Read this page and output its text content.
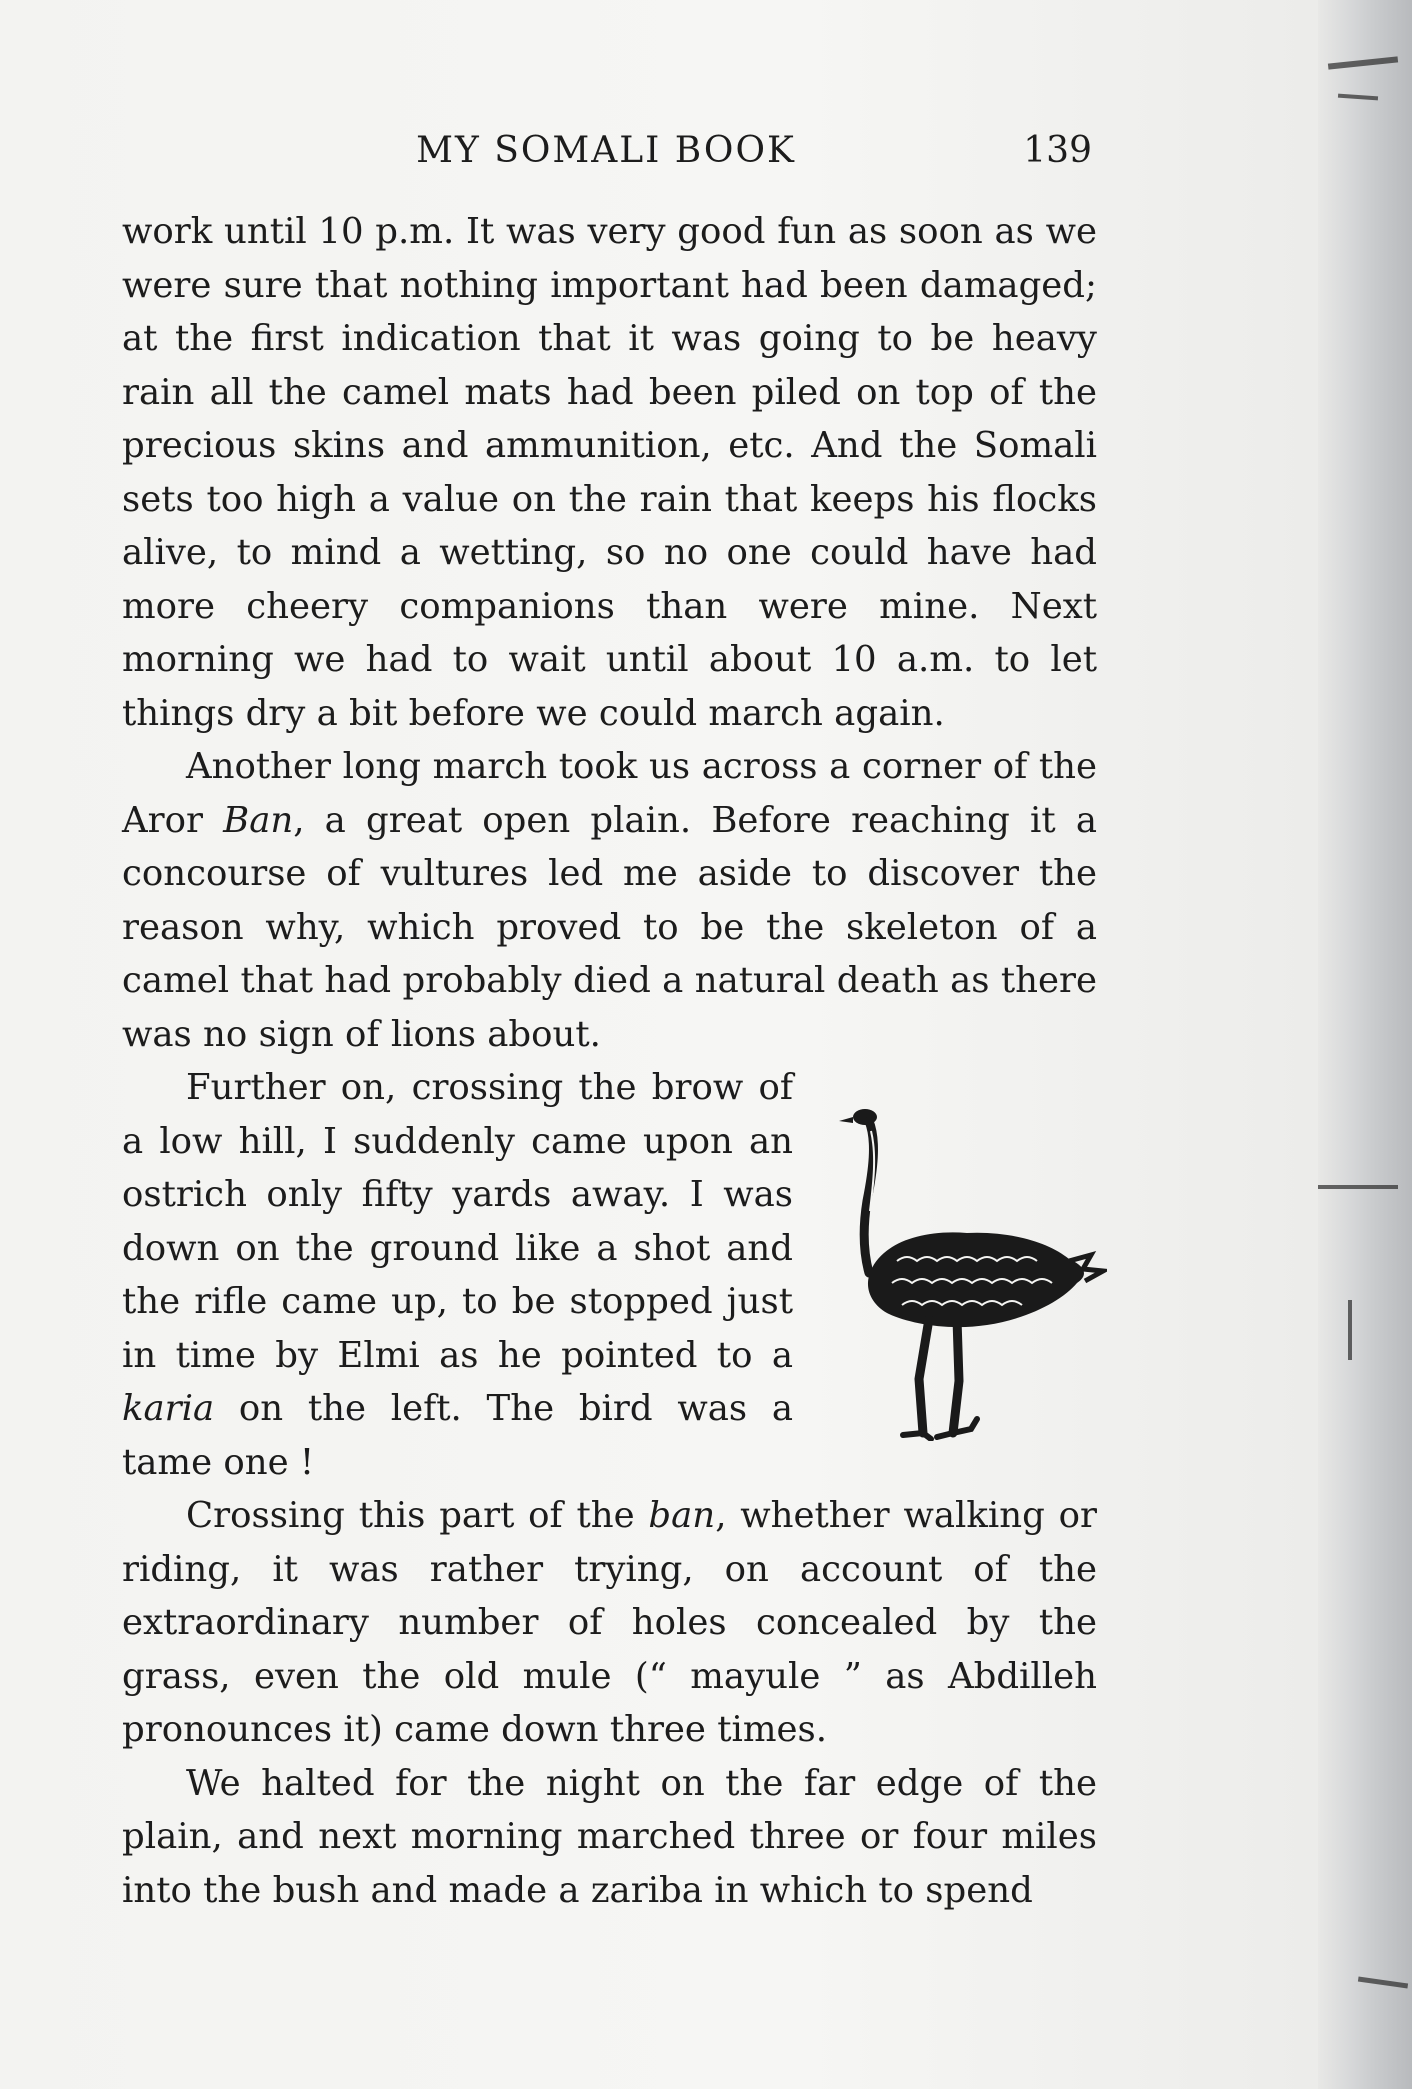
MY SOMALI BOOK	139

work until 10 p.m. It was very good fun as soon as we were sure that nothing important had been damaged; at the first indication that it was going to be heavy rain all the camel mats had been piled on top of the precious skins and ammunition, etc. And the Somali sets too high a value on the rain that keeps his flocks alive, to mind a wetting, so no one could have had more cheery companions than were mine. Next morning we had to wait until about 10 a.m. to let things dry a bit before we could march again.

Another long march took us across a corner of the Aror Ban, a great open plain. Before reaching it a concourse of vultures led me aside to discover the reason why, which proved to be the skeleton of a camel that had probably died a natural death as there was no sign of lions about.

Further on, crossing the brow of a low hill, I suddenly came upon an ostrich only fifty yards away. I was down on the ground like a shot and the rifle came up, to be stopped just in time by Elmi as he pointed to a karia on the left. The bird was a tame one !

Crossing this part of the ban, whether walking or riding, it was rather trying, on account of the extraordinary number of holes concealed by the grass, even the old mule (“ mayule ” as Abdilleh pronounces it) came down three times.

We halted for the night on the far edge of the plain, and next morning marched three or four miles into the bush and made a zariba in which to spend
